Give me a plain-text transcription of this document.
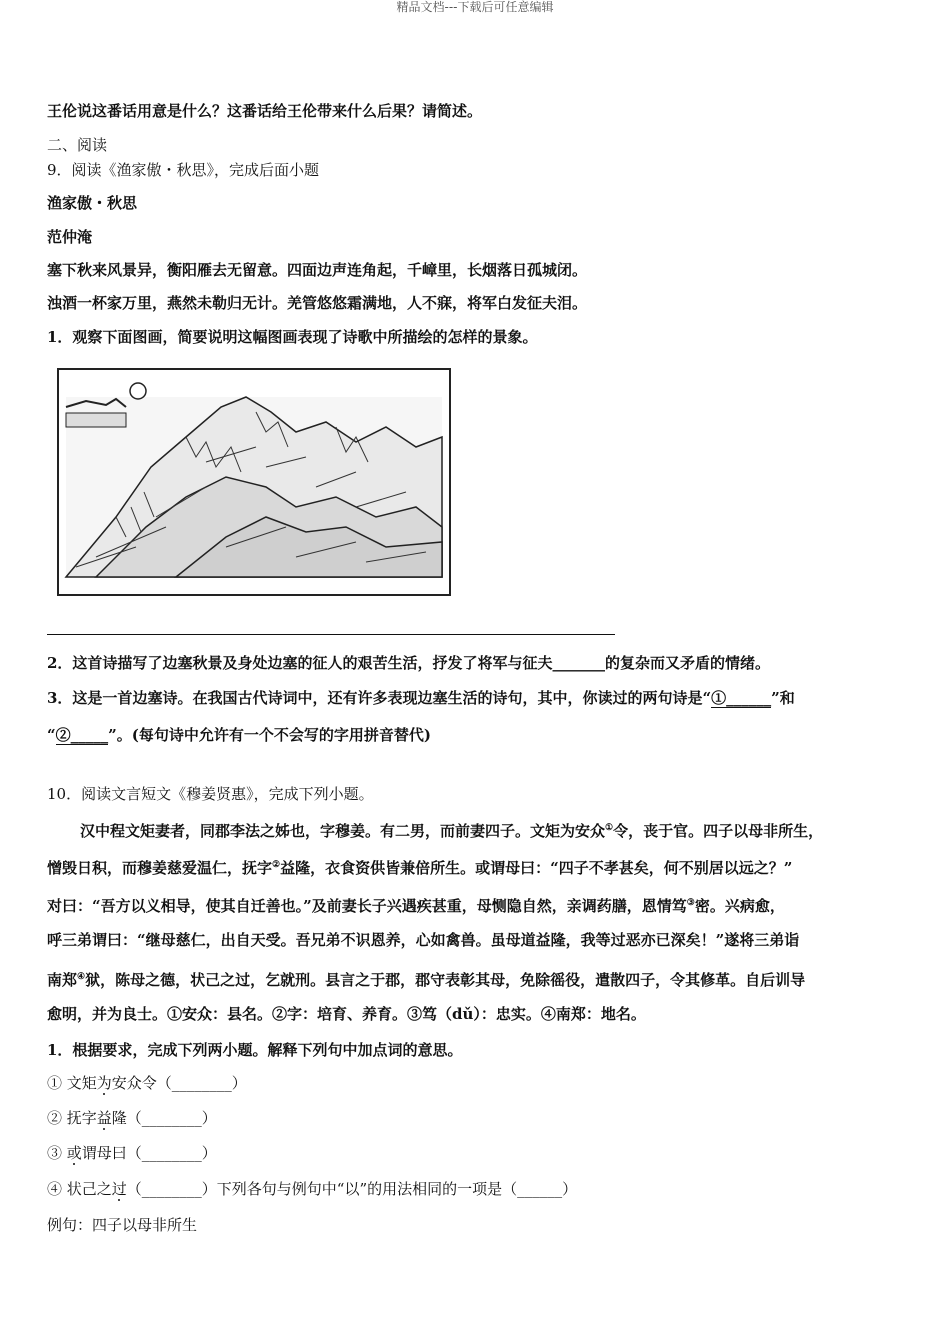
精品文档---下载后可任意编辑
王伦说这番话用意是什么？这番话给王伦带来什么后果？请简述。
二、阅读
9．阅读《渔家傲・秋思》，完成后面小题
渔家傲・秋思
范仲淹
塞下秋来风景异，衡阳雁去无留意。四面边声连角起，千嶂里，长烟落日孤城闭。
浊酒一杯家万里，燕然未勒归无计。羌管悠悠霜满地，人不寐，将军白发征夫泪。
1．观察下面图画，简要说明这幅图画表现了诗歌中所描绘的怎样的景象。
2．这首诗描写了边塞秋景及身处边塞的征人的艰苦生活，抒发了将军与征夫_______的复杂而又矛盾的情绪。
3．这是一首边塞诗。在我国古代诗词中，还有许多表现边塞生活的诗句，其中，你读过的两句诗是“①______”和
“②_____”。(每句诗中允许有一个不会写的字用拼音替代)
10．阅读文言短文《穆姜贤惠》，完成下列小题。
汉中程文矩妻者，同郡李法之姊也，字穆姜。有二男，而前妻四子。文矩为安众①令，丧于官。四子以母非所生，
憎毁日积，而穆姜慈爱温仁，抚字②益隆，衣食资供皆兼倍所生。或谓母曰：“四子不孝甚矣，何不别居以远之？”
对曰：“吾方以义相导，使其自迁善也。”及前妻长子兴遇疾甚重，母恻隐自然，亲调药膳，恩情笃③密。兴病愈，
呼三弟谓曰：“继母慈仁，出自天受。吾兄弟不识恩养，心如禽兽。虽母道益隆，我等过恶亦已深矣！”遂将三弟诣
南郑④狱，陈母之德，状己之过，乞就刑。县言之于郡，郡守表彰其母，免除徭役，遣散四子，令其修革。自后训导
愈明，并为良士。①安众：县名。②字：培育、养育。③笃（dǔ）：忠实。④南郑：地名。
1．根据要求，完成下列两小题。解释下列句中加点词的意思。
① 文矩为安众令（________）
② 抚字益隆（________）
③ 或谓母曰（________）
④ 状己之过（________）下列各句与例句中“以”的用法相同的一项是（______）
例句：四子以母非所生
